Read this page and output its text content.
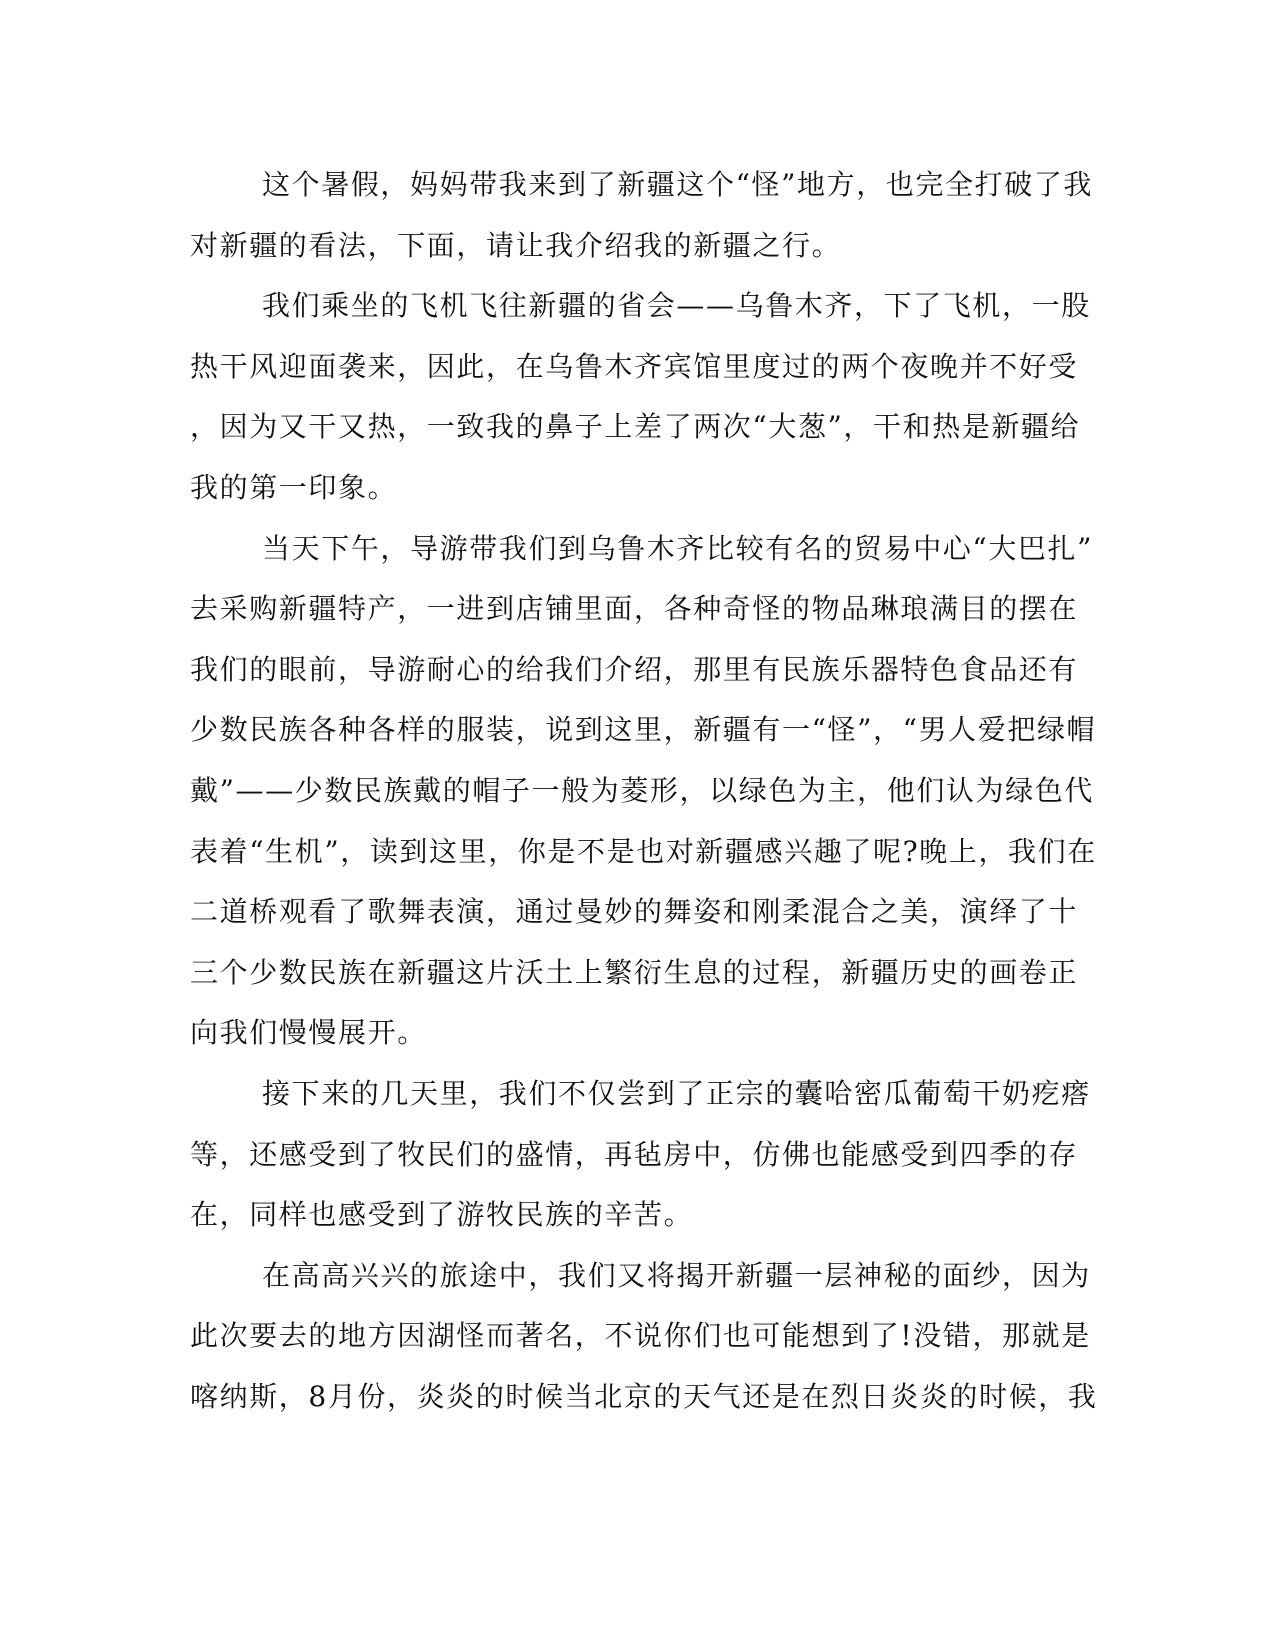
这个暑假，妈妈带我来到了新疆这个“怪”地方，也完全打破了我
对新疆的看法，下面，请让我介绍我的新疆之行。
我们乘坐的飞机飞往新疆的省会——乌鲁木齐，下了飞机，一股
热干风迎面袭来，因此，在乌鲁木齐宾馆里度过的两个夜晚并不好受
，因为又干又热，一致我的鼻子上差了两次“大葱”，干和热是新疆给
我的第一印象。
当天下午，导游带我们到乌鲁木齐比较有名的贸易中心“大巴扎”
去采购新疆特产，一进到店铺里面，各种奇怪的物品琳琅满目的摆在
我们的眼前，导游耐心的给我们介绍，那里有民族乐器特色食品还有
少数民族各种各样的服装，说到这里，新疆有一“怪”，“男人爱把绿帽
戴”——少数民族戴的帽子一般为菱形，以绿色为主，他们认为绿色代
表着“生机”，读到这里，你是不是也对新疆感兴趣了呢?晚上，我们在
二道桥观看了歌舞表演，通过曼妙的舞姿和刚柔混合之美，演绎了十
三个少数民族在新疆这片沃土上繁衍生息的过程，新疆历史的画卷正
向我们慢慢展开。
接下来的几天里，我们不仅尝到了正宗的囊哈密瓜葡萄干奶疙瘩
等，还感受到了牧民们的盛情，再毡房中，仿佛也能感受到四季的存
在，同样也感受到了游牧民族的辛苦。
在高高兴兴的旅途中，我们又将揭开新疆一层神秘的面纱，因为
此次要去的地方因湖怪而著名，不说你们也可能想到了!没错，那就是
喀纳斯，8月份，炎炎的时候当北京的天气还是在烈日炎炎的时候，我
